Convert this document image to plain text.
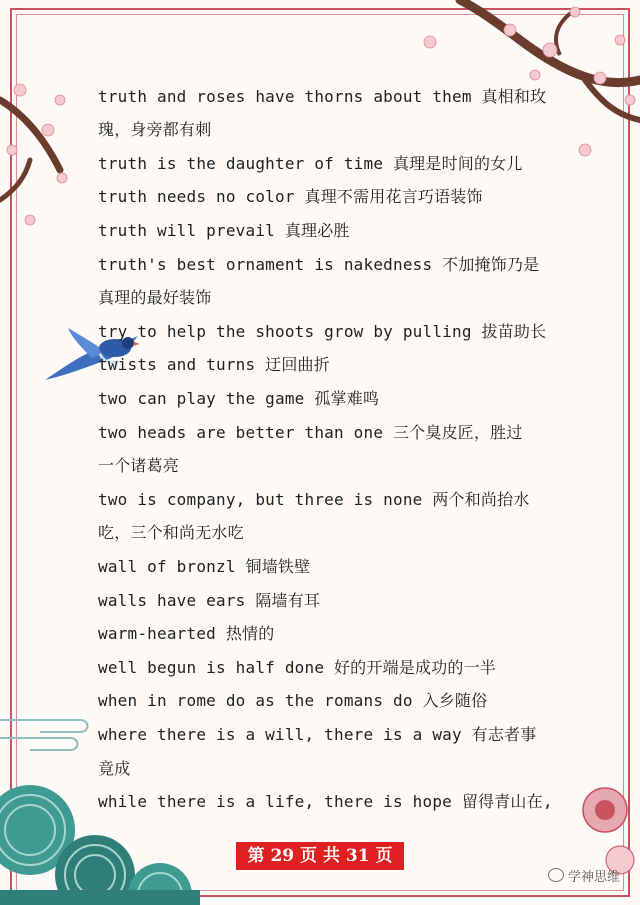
truth and roses have thorns about them 真相和玫
瑰，身旁都有刺
truth is the daughter of time 真理是时间的女儿
truth needs no color 真理不需用花言巧语装饰
truth will prevail 真理必胜
truth's best ornament is nakedness 不加掩饰乃是
真理的最好装饰
try to help the shoots grow by pulling 拔苗助长
twists and turns 迂回曲折
two can play the game 孤掌难鸣
two heads are better than one 三个臭皮匠，胜过
一个诸葛亮
two is company, but three is none 两个和尚抬水
吃，三个和尚无水吃
wall of bronzl 铜墙铁壁
walls have ears 隔墙有耳
warm-hearted 热情的
well begun is half done 好的开端是成功的一半
when in rome do as the romans do 入乡随俗
where there is a will, there is a way 有志者事
竟成
while there is a life, there is hope 留得青山在,
第 29 页 共 31 页
学神思维
